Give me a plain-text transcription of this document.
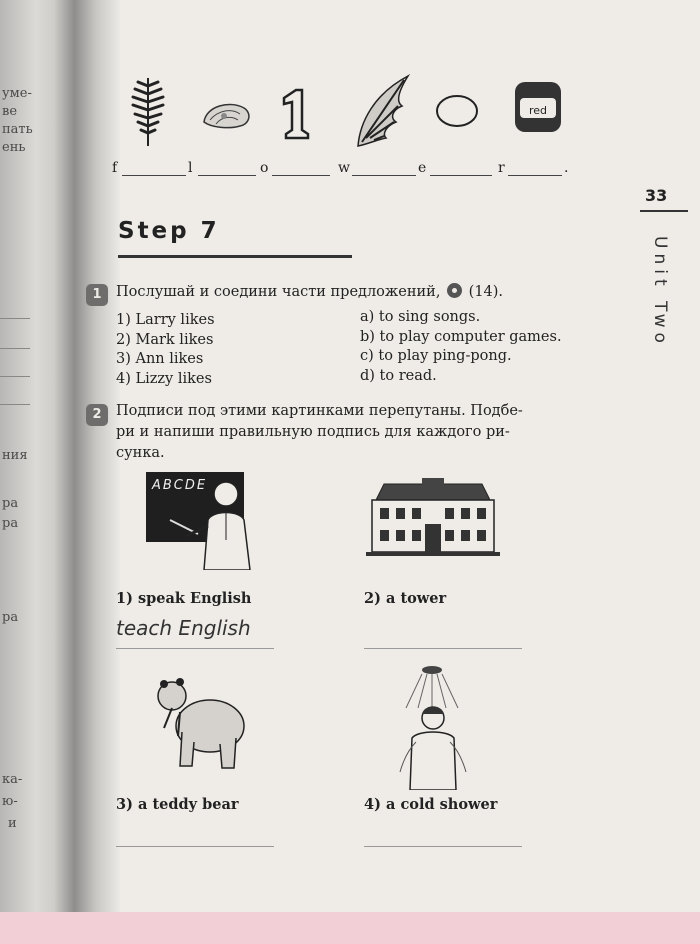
уме-
ве
пать
ень
ния
ра
ра
ра
ка-
ю-
и
red
f	l	o	w	e	r	.
33
Unit Two
Step 7
1 Послушай и соедини части предложений, (14).
1) Larry likes
2) Mark likes
3) Ann likes
4) Lizzy likes
a) to sing songs.
b) to play computer games.
c) to play ping-pong.
d) to read.
2 Подписи под этими картинками перепутаны. Подбе-
ри и напиши правильную подпись для каждого ри-
сунка.
ABCDE
1) speak English	2) a tower
teach English
3) a teddy bear	4) a cold shower
